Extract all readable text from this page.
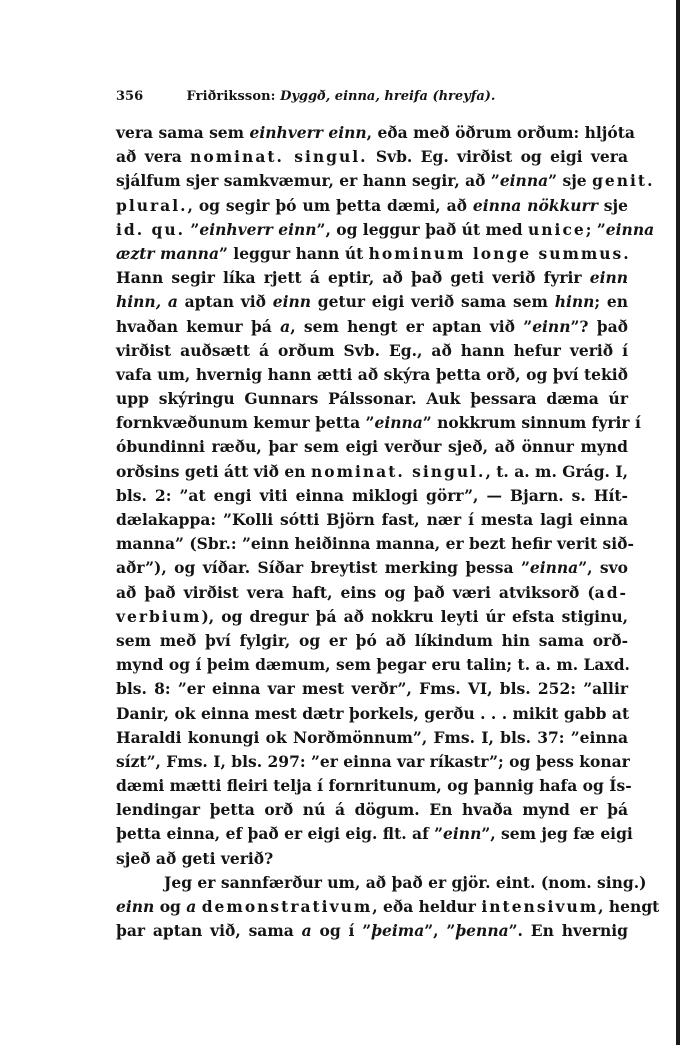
356	Friðriksson: Dyggð, einna, hreifa (hreyfa).
vera sama sem einhverr einn, eða með öðrum orðum: hljóta
að vera nominat. singul. Svb. Eg. virðist og eigi vera
sjálfum sjer samkvæmur, er hann segir, að ”einna” sje genit.
plural., og segir þó um þetta dæmi, að einna nökkurr sje
id. qu. ”einhverr einn”, og leggur það út med unice; ”einna
æztr manna” leggur hann út hominum longe summus.
Hann segir líka rjett á eptir, að það geti verið fyrir einn
hinn, a aptan við einn getur eigi verið sama sem hinn; en
hvaðan kemur þá a, sem hengt er aptan við ”einn”? það
virðist auðsætt á orðum Svb. Eg., að hann hefur verið í
vafa um, hvernig hann ætti að skýra þetta orð, og því tekið
upp skýringu Gunnars Pálssonar. Auk þessara dæma úr
fornkvæðunum kemur þetta ”einna” nokkrum sinnum fyrir í
óbundinni ræðu, þar sem eigi verður sjeð, að önnur mynd
orðsins geti átt við en nominat. singul., t. a. m. Grág. I,
bls. 2: ”at engi viti einna miklogi görr”, — Bjarn. s. Hít-
dælakappa: ”Kolli sótti Björn fast, nær í mesta lagi einna
manna” (Sbr.: ”einn heiðinna manna, er bezt hefir verit sið-
aðr”), og víðar. Síðar breytist merking þessa ”einna”, svo
að það virðist vera haft, eins og það væri atviksorð (ad-
verbium), og dregur þá að nokkru leyti úr efsta stiginu,
sem með því fylgir, og er þó að líkindum hin sama orð-
mynd og í þeim dæmum, sem þegar eru talin; t. a. m. Laxd.
bls. 8: ”er einna var mest verðr”, Fms. VI, bls. 252: ”allir
Danir, ok einna mest dætr þorkels, gerðu . . . mikit gabb at
Haraldi konungi ok Norðmönnum”, Fms. I, bls. 37: ”einna
sízt”, Fms. I, bls. 297: ”er einna var ríkastr”; og þess konar
dæmi mætti fleiri telja í fornritunum, og þannig hafa og Ís-
lendingar þetta orð nú á dögum. En hvaða mynd er þá
þetta einna, ef það er eigi eig. flt. af ”einn”, sem jeg fæ eigi
sjeð að geti verið?
Jeg er sannfærður um, að það er gjör. eint. (nom. sing.)
einn og a demonstrativum, eða heldur intensivum, hengt
þar aptan við, sama a og í ”þeima”, ”þenna”. En hvernig
